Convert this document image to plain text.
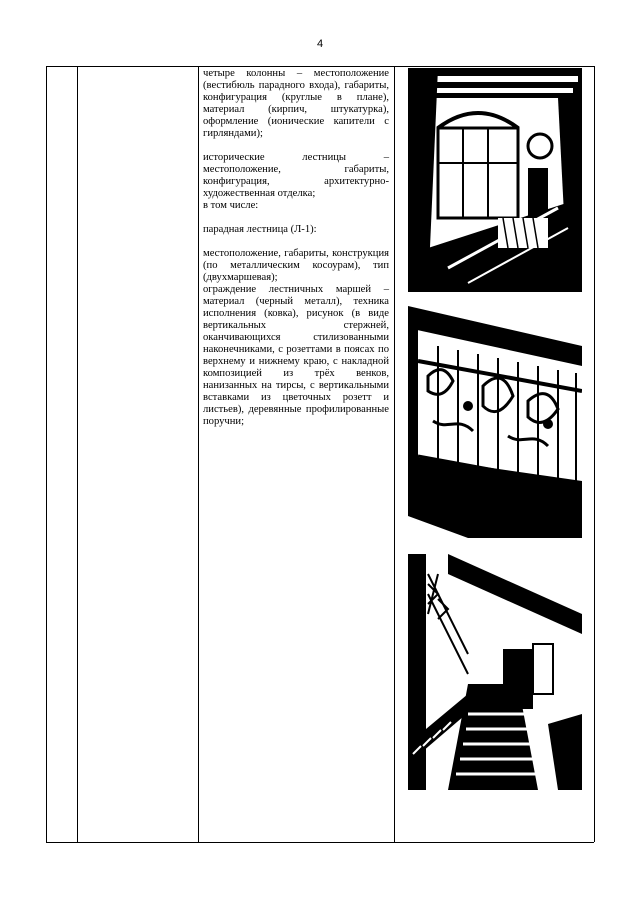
4

четыре колонны – местоположение (вестибюль парадного входа), габариты, конфигурация (круглые в плане), материал (кирпич, штукатурка), оформление (ионические капители с гирляндами);

исторические лестницы – местоположение, габариты, конфигурация, архитектурно-художественная отделка;

в том числе:

парадная лестница (Л-1):

местоположение, габариты, конструкция (по металлическим косоурам), тип (двухмаршевая);

ограждение лестничных маршей – материал (черный металл), техника исполнения (ковка), рисунок (в виде вертикальных стержней, оканчивающихся стилизованными наконечниками, с розеттами в поясах по верхнему и нижнему краю, с накладной композицией из трёх венков, нанизанных на тирсы, с вертикальными вставками из цветочных розетт и листьев), деревянные профилированные поручни;
